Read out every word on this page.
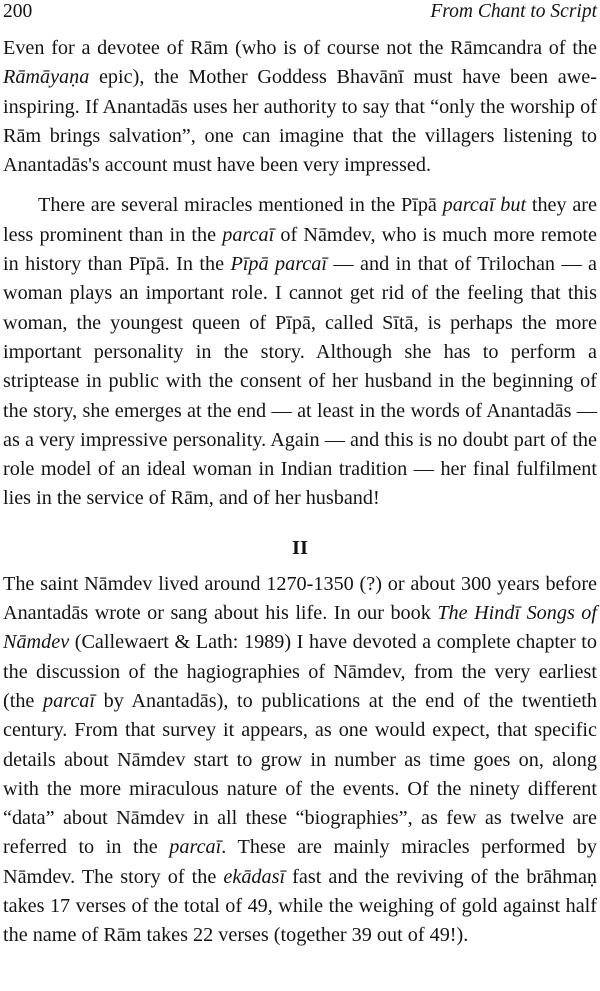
200	From Chant to Script

Even for a devotee of Rām (who is of course not the Rāmcandra of the Rāmāyaṇa epic), the Mother Goddess Bhavānī must have been awe-inspiring. If Anantadās uses her authority to say that “only the worship of Rām brings salvation”, one can imagine that the villagers listening to Anantadās's account must have been very impressed.

There are several miracles mentioned in the Pīpā parcaī but they are less prominent than in the parcaī of Nāmdev, who is much more remote in history than Pīpā. In the Pīpā parcaī — and in that of Trilochan — a woman plays an important role. I cannot get rid of the feeling that this woman, the youngest queen of Pīpā, called Sītā, is perhaps the more important personality in the story. Although she has to perform a striptease in public with the consent of her husband in the beginning of the story, she emerges at the end — at least in the words of Anantadās — as a very impressive personality. Again — and this is no doubt part of the role model of an ideal woman in Indian tradition — her final fulfilment lies in the service of Rām, and of her husband!

II

The saint Nāmdev lived around 1270-1350 (?) or about 300 years before Anantadās wrote or sang about his life. In our book The Hindī Songs of Nāmdev (Callewaert & Lath: 1989) I have devoted a complete chapter to the discussion of the hagiographies of Nāmdev, from the very earliest (the parcaī by Anantadās), to publications at the end of the twentieth century. From that survey it appears, as one would expect, that specific details about Nāmdev start to grow in number as time goes on, along with the more miraculous nature of the events. Of the ninety different “data” about Nāmdev in all these “biographies”, as few as twelve are referred to in the parcaī. These are mainly miracles performed by Nāmdev. The story of the ekādasī fast and the reviving of the brāhmaṇ takes 17 verses of the total of 49, while the weighing of gold against half the name of Rām takes 22 verses (together 39 out of 49!).
